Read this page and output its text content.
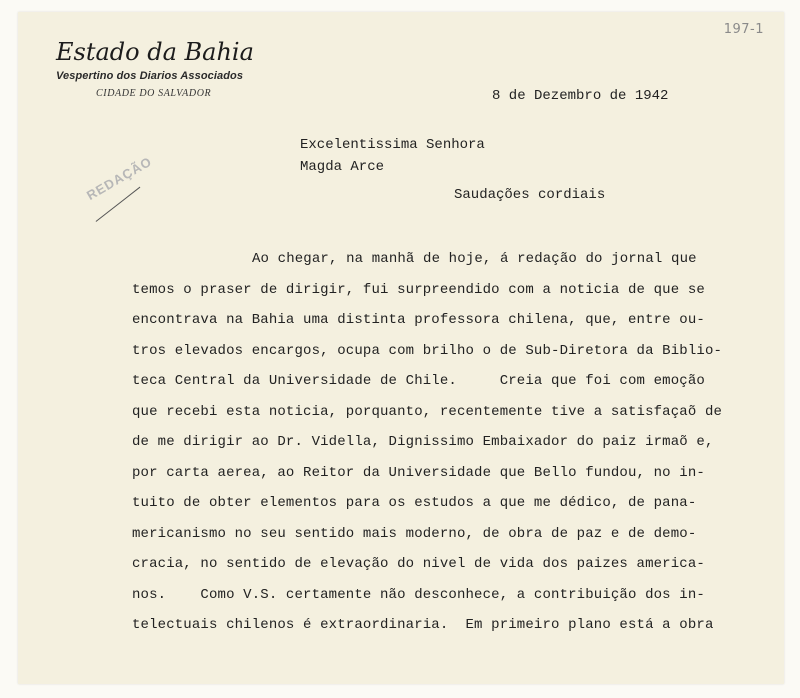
197-1
Estado da Bahia
Vespertino dos Diarios Associados
CIDADE DO SALVADOR
REDAÇÃO
8 de Dezembro de 1942
Excelentissima Senhora
Magda Arce
Saudações cordiais
Ao chegar, na manhã de hoje, á redação do jornal que
temos o praser de dirigir, fui surpreendido com a noticia de que se
encontrava na Bahia uma distinta professora chilena, que, entre ou-
tros elevados encargos, ocupa com brilho o de Sub-Diretora da Biblio-
teca Central da Universidade de Chile.     Creia que foi com emoção
que recebi esta noticia, porquanto, recentemente tive a satisfaçaõ de
de me dirigir ao Dr. Vidella, Dignissimo Embaixador do paiz irmaõ e,
por carta aerea, ao Reitor da Universidade que Bello fundou, no in-
tuito de obter elementos para os estudos a que me dédico, de pana-
mericanismo no seu sentido mais moderno, de obra de paz e de demo-
cracia, no sentido de elevação do nivel de vida dos paizes america-
nos.    Como V.S. certamente não desconhece, a contribuição dos in-
telectuais chilenos é extraordinaria.  Em primeiro plano está a obra
